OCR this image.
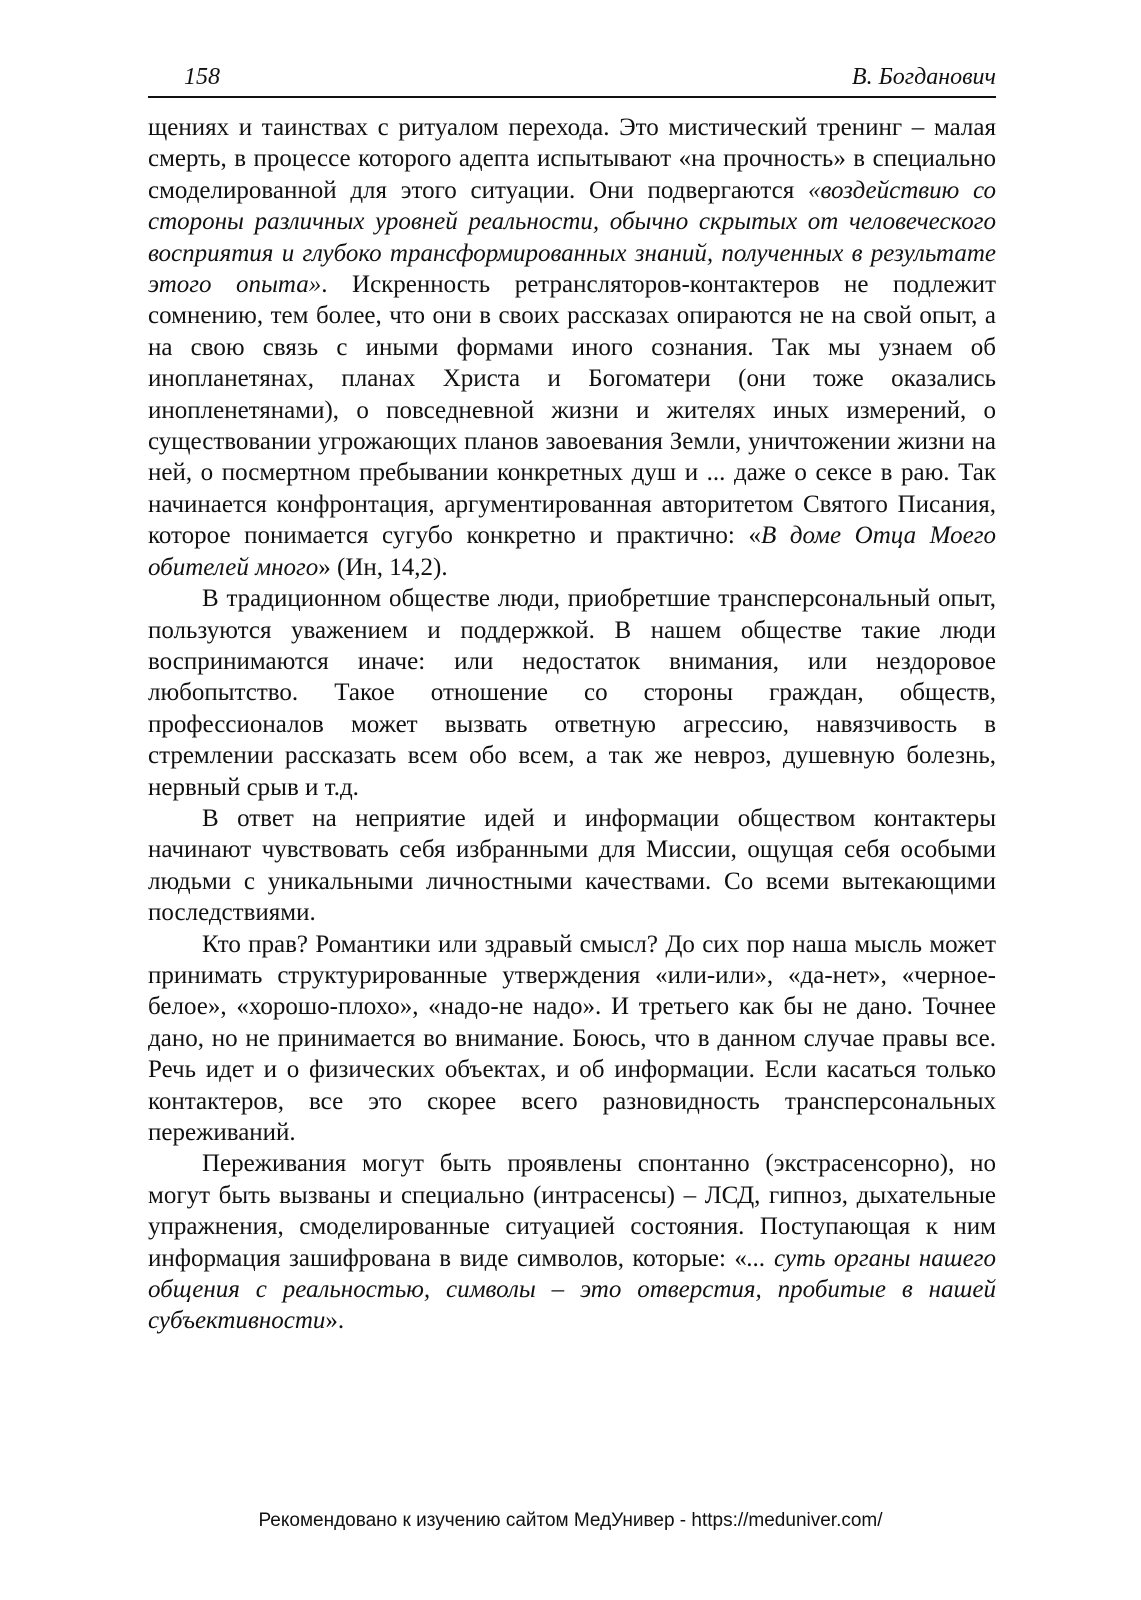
158	В. Богданович

щениях и таинствах с ритуалом перехода. Это мистический тренинг – малая смерть, в процессе которого адепта испытывают «на прочность» в специально смоделированной для этого ситуации. Они подвергаются «воздействию со стороны различных уровней реальности, обычно скрытых от человеческого восприятия и глубоко трансформированных знаний, полученных в результате этого опыта». Искренность ретрансляторов-контактеров не подлежит сомнению, тем более, что они в своих рассказах опираются не на свой опыт, а на свою связь с иными формами иного сознания. Так мы узнаем об инопланетянах, планах Христа и Богоматери (они тоже оказались инопленетянами), о повседневной жизни и жителях иных измерений, о существовании угрожающих планов завоевания Земли, уничтожении жизни на ней, о посмертном пребывании конкретных душ и ... даже о сексе в раю. Так начинается конфронтация, аргументированная авторитетом Святого Писания, которое понимается сугубо конкретно и практично: «В доме Отца Моего обителей много» (Ин, 14,2).

В традиционном обществе люди, приобретшие трансперсональный опыт, пользуются уважением и поддержкой. В нашем обществе такие люди воспринимаются иначе: или недостаток внимания, или нездоровое любопытство. Такое отношение со стороны граждан, обществ, профессионалов может вызвать ответную агрессию, навязчивость в стремлении рассказать всем обо всем, а так же невроз, душевную болезнь, нервный срыв и т.д.

В ответ на неприятие идей и информации обществом контактеры начинают чувствовать себя избранными для Миссии, ощущая себя особыми людьми с уникальными личностными качествами. Со всеми вытекающими последствиями.

Кто прав? Романтики или здравый смысл? До сих пор наша мысль может принимать структурированные утверждения «или-или», «да-нет», «черное-белое», «хорошо-плохо», «надо-не надо». И третьего как бы не дано. Точнее дано, но не принимается во внимание. Боюсь, что в данном случае правы все. Речь идет и о физических объектах, и об информации. Если касаться только контактеров, все это скорее всего разновидность трансперсональных переживаний.

Переживания могут быть проявлены спонтанно (экстрасенсорно), но могут быть вызваны и специально (интрасенсы) – ЛСД, гипноз, дыхательные упражнения, смоделированные ситуацией состояния. Поступающая к ним информация зашифрована в виде символов, которые: «... суть органы нашего общения с реальностью, символы – это отверстия, пробитые в нашей субъективности».

Рекомендовано к изучению сайтом МедУнивер - https://meduniver.com/
